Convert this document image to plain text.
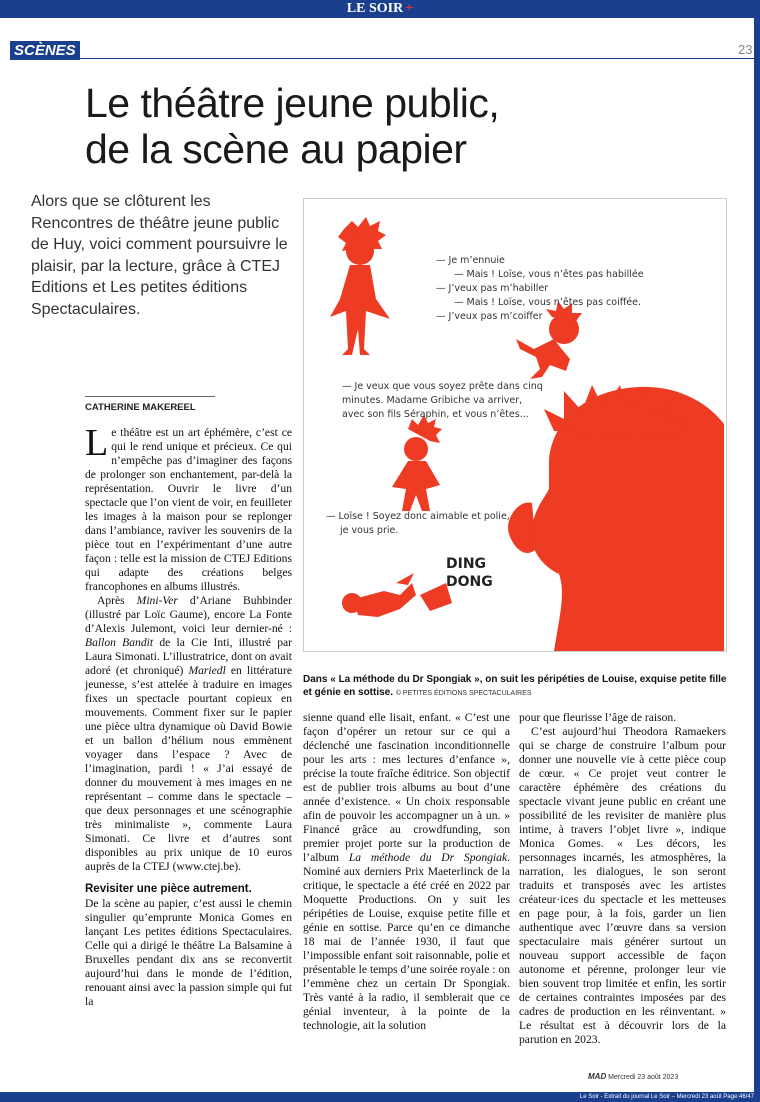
LE SOIR +
SCÈNES	23
Le théâtre jeune public,
de la scène au papier

Alors que se clôturent les Rencontres de théâtre jeune public de Huy, voici comment poursuivre le plaisir, par la lecture, grâce à CTEJ Editions et Les petites éditions Spectaculaires.

CATHERINE MAKEREEL

Le théâtre est un art éphémère, c’est ce qui le rend unique et précieux. Ce qui n’empêche pas d’imaginer des façons de prolonger son enchantement, par-delà la représentation. Ouvrir le livre d’un spectacle que l’on vient de voir, en feuilleter les images à la maison pour se replonger dans l’ambiance, raviver les souvenirs de la pièce tout en l’expérimentant d’une autre façon : telle est la mission de CTEJ Editions qui adapte des créations belges francophones en albums illustrés.

Après Mini-Ver d’Ariane Buhbinder (illustré par Loïc Gaume), encore La Fonte d’Alexis Julemont, voici leur dernier-né : Ballon Bandit de la Cie Inti, illustré par Laura Simonati. L’illustratrice, dont on avait adoré (et chroniqué) Mariedl en littérature jeunesse, s’est attelée à traduire en images fixes un spectacle pourtant copieux en mouvements. Comment fixer sur le papier une pièce ultra dynamique où David Bowie et un ballon d’hélium nous emmènent voyager dans l’espace ? Avec de l’imagination, pardi ! « J’ai essayé de donner du mouvement à mes images en ne représentant – comme dans le spectacle – que deux personnages et une scénographie très minimaliste », commente Laura Simonati. Ce livre et d’autres sont disponibles au prix unique de 10 euros auprès de la CTEJ (www.ctej.be).

Revisiter une pièce autrement.

De la scène au papier, c’est aussi le chemin singulier qu’emprunte Monica Gomes en lançant Les petites éditions Spectaculaires. Celle qui a dirigé le théâtre La Balsamine à Bruxelles pendant dix ans se reconvertit aujourd’hui dans le monde de l’édition, renouant ainsi avec la passion simple qui fut la

sienne quand elle lisait, enfant. « C’est une façon d’opérer un retour sur ce qui a déclenché une fascination inconditionnelle pour les arts : mes lectures d’enfance », précise la toute fraîche éditrice. Son objectif est de publier trois albums au bout d’une année d’existence. « Un choix responsable afin de pouvoir les accompagner un à un. » Financé grâce au crowdfunding, son premier projet porte sur la production de l’album La méthode du Dr Spongiak. Nominé aux derniers Prix Maeterlinck de la critique, le spectacle a été créé en 2022 par Moquette Productions. On y suit les péripéties de Louise, exquise petite fille et génie en sottise. Parce qu’en ce dimanche 18 mai de l’année 1930, il faut que l’impossible enfant soit raisonnable, polie et présentable le temps d’une soirée royale : on l’emmène chez un certain Dr Spongiak. Très vanté à la radio, il semblerait que ce génial inventeur, à la pointe de la technologie, ait la solution

pour que fleurisse l’âge de raison.

C’est aujourd’hui Theodora Ramaekers qui se charge de construire l’album pour donner une nouvelle vie à cette pièce coup de cœur. « Ce projet veut contrer le caractère éphémère des créations du spectacle vivant jeune public en créant une possibilité de les revisiter de manière plus intime, à travers l’objet livre », indique Monica Gomes. « Les décors, les personnages incarnés, les atmosphères, la narration, les dialogues, le son seront traduits et transposés avec les artistes créateur·ices du spectacle et les metteuses en page pour, à la fois, garder un lien authentique avec l’œuvre dans sa version spectaculaire mais générer surtout un nouveau support accessible de façon autonome et pérenne, prolonger leur vie bien souvent trop limitée et enfin, les sortir de certaines contraintes imposées par des cadres de production en les réinventant. » Le résultat est à découvrir lors de la parution en 2023.

— Je m’ennuie
— Mais ! Loïse, vous n’êtes pas habillée
— J’veux pas m’habiller
— Mais ! Loïse, vous n’êtes pas coiffée.
— J’veux pas m’coiffer
— Je veux que vous soyez prête dans cinq
minutes. Madame Gribiche va arriver,
avec son fils Séraphin, et vous n’êtes...
— Loïse ! Soyez donc aimable et polie,
je vous prie.
DING
DONG

Dans « La méthode du Dr Spongiak », on suit les péripéties de Louise, exquise petite fille et génie en sottise. © PETITES ÉDITIONS SPECTACULAIRES

MAD Mercredi 23 août 2023
Le Soir - Extrait du journal Le Soir – Mercredi 23 août Page:46/47
